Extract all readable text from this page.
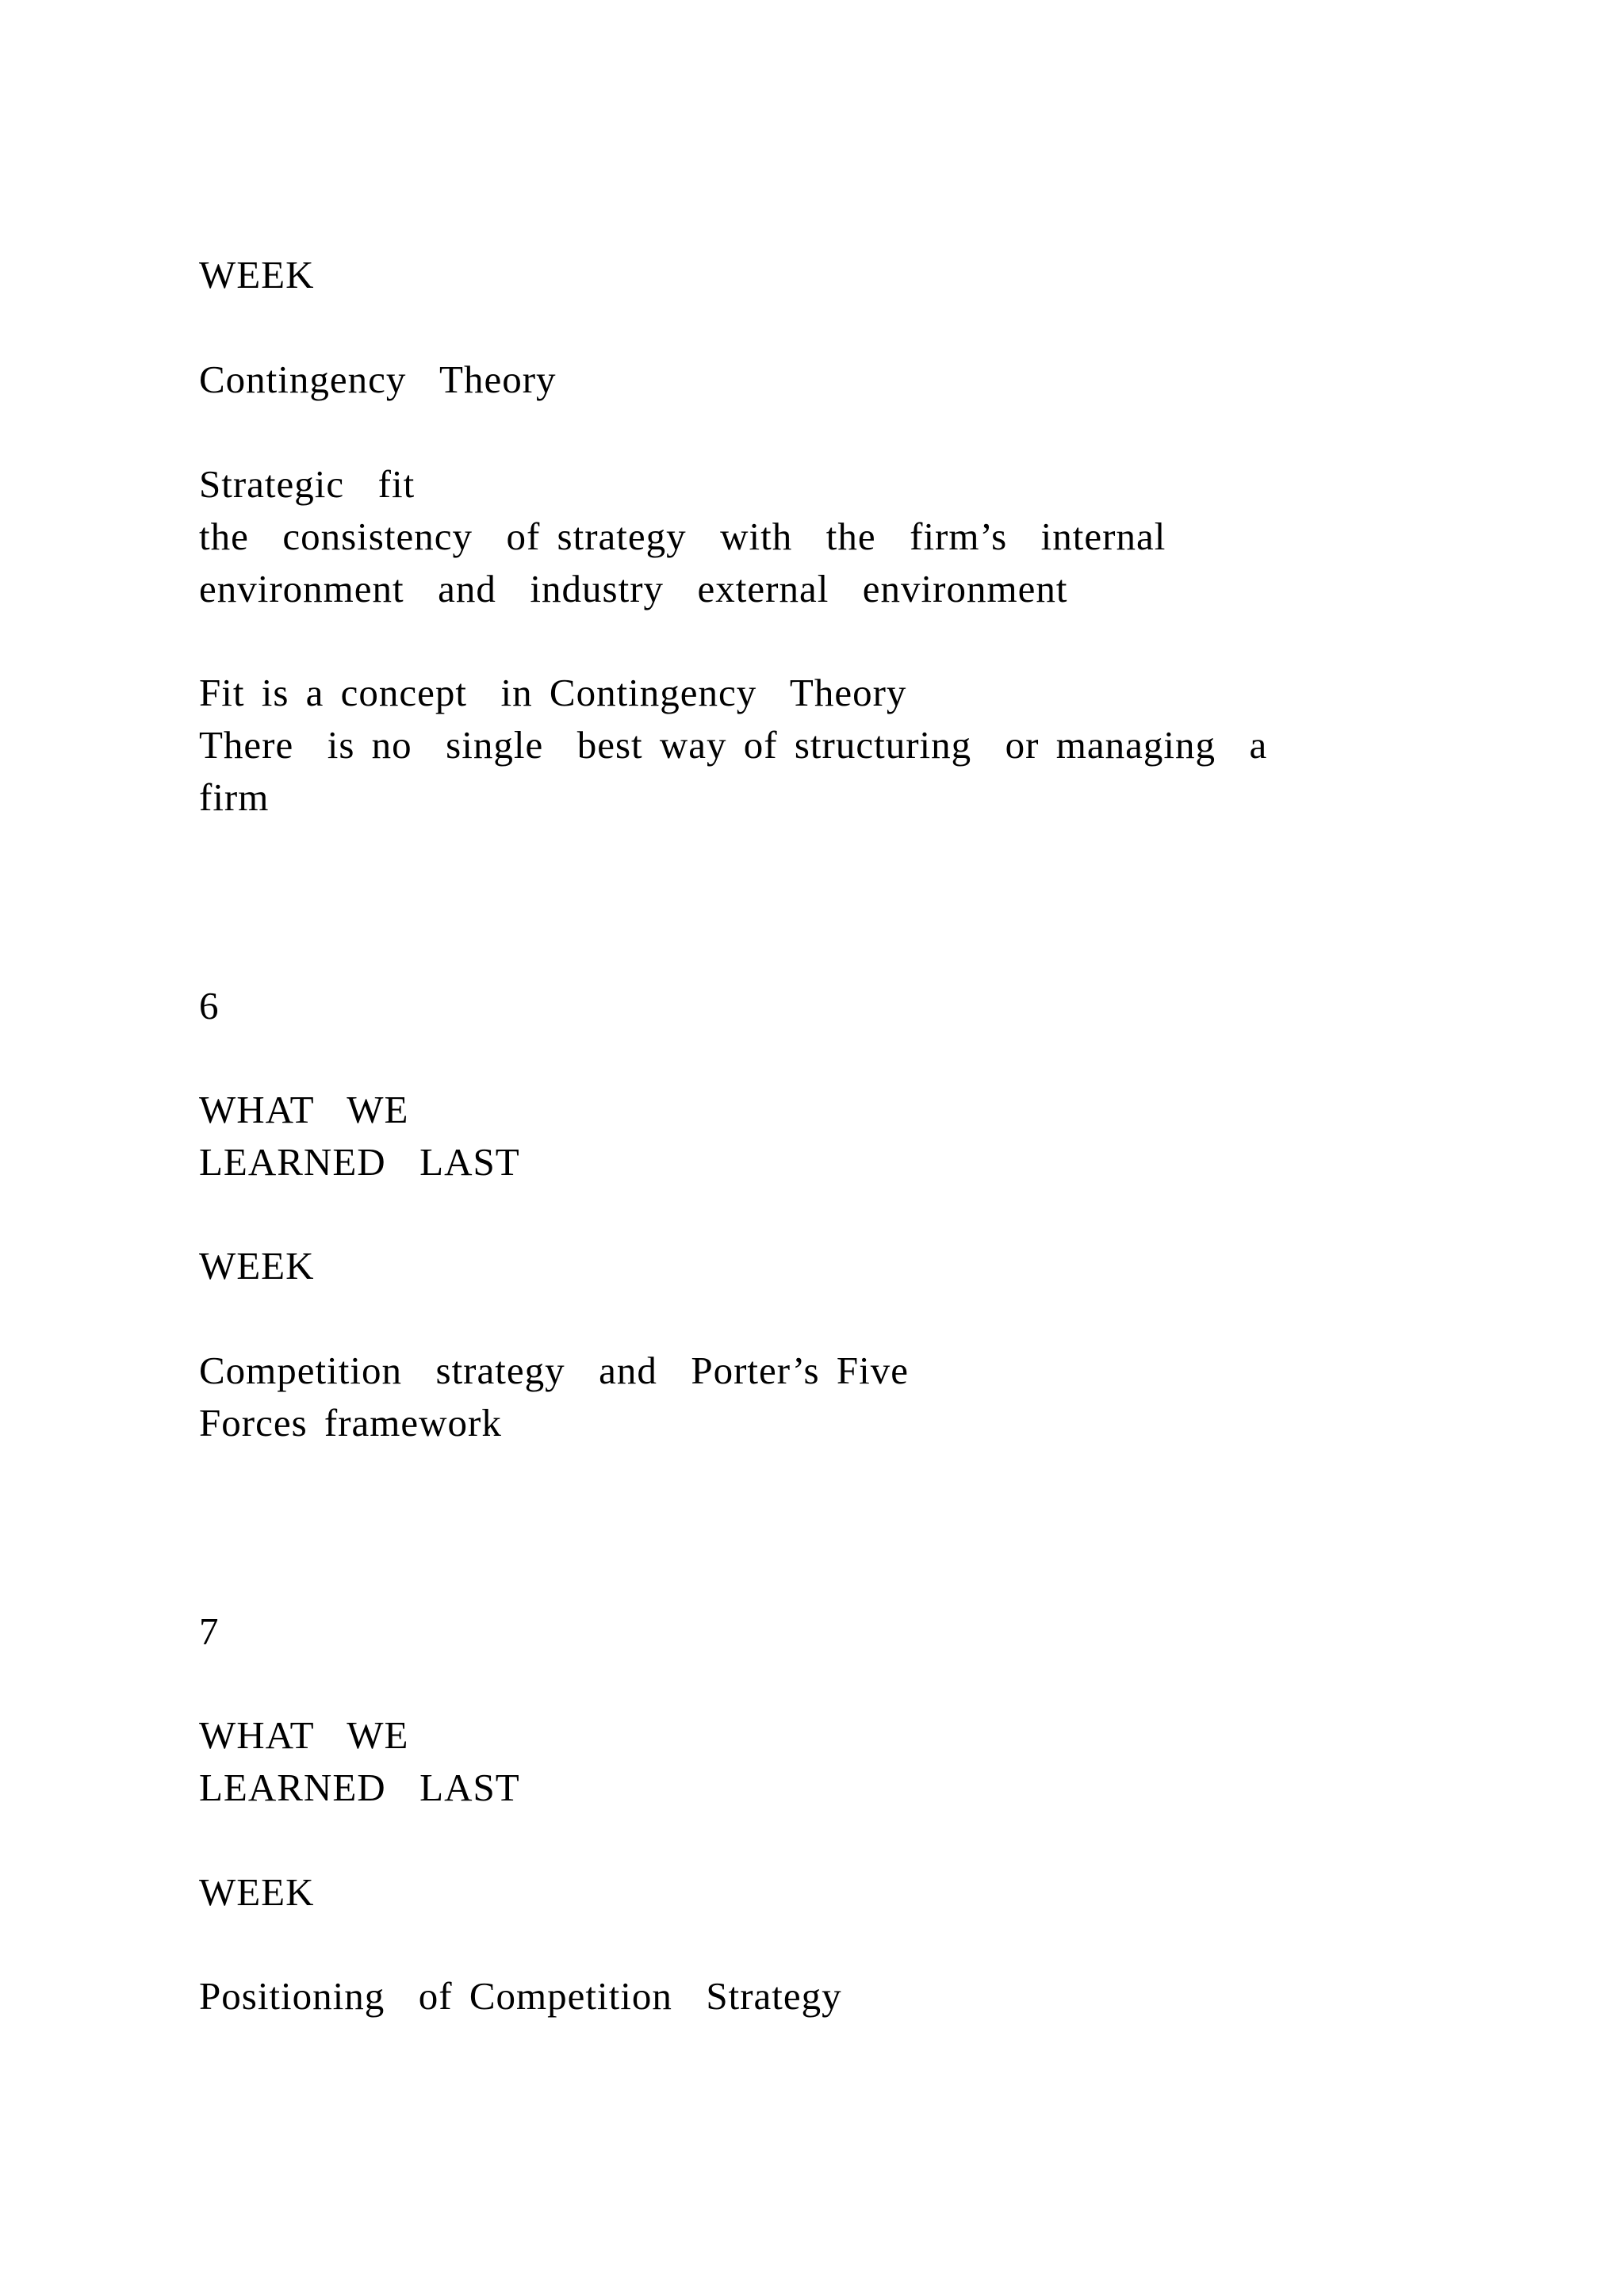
WEEK
Contingency  Theory
Strategic  fit
the  consistency  of strategy  with  the  firm’s  internal
environment  and  industry  external  environment
Fit is a concept  in Contingency  Theory
There  is no  single  best way of structuring  or managing  a
firm
6
WHAT  WE
LEARNED  LAST
WEEK
Competition  strategy  and  Porter’s Five
Forces framework
7
WHAT  WE
LEARNED  LAST
WEEK
Positioning  of Competition  Strategy
